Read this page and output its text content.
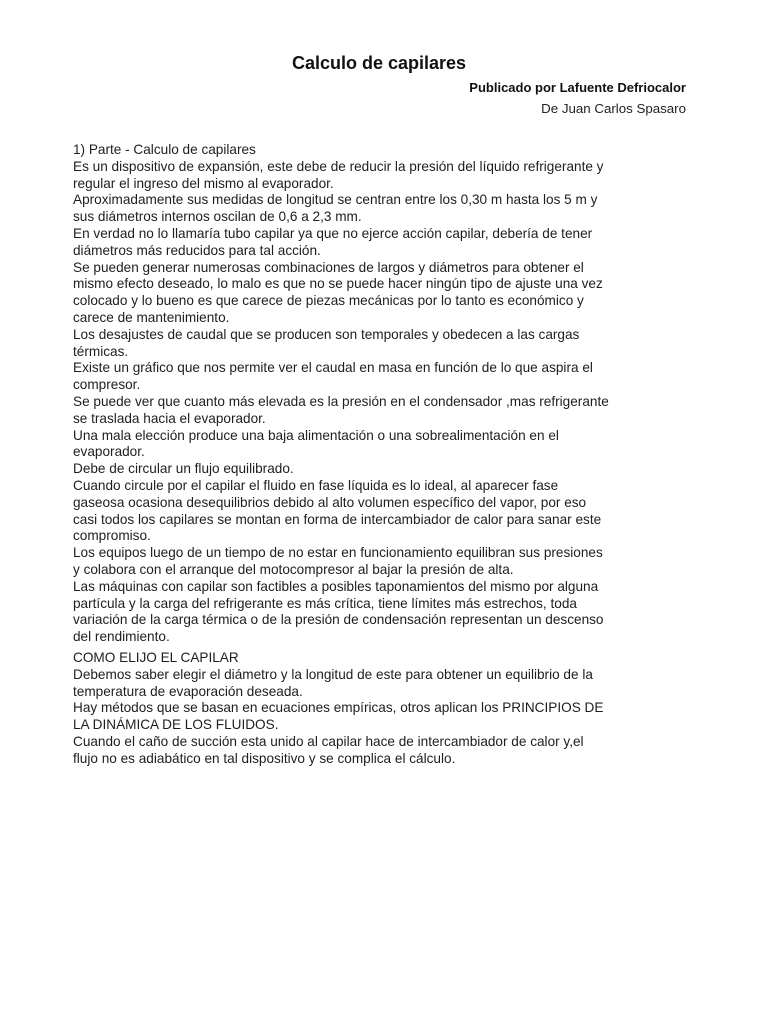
Calculo de capilares
Publicado por Lafuente Defriocalor
De Juan Carlos Spasaro
1) Parte - Calculo de capilares
Es un dispositivo de expansión, este debe de reducir la presión del líquido refrigerante y
regular el ingreso del mismo al evaporador.
Aproximadamente sus medidas de longitud se centran entre los 0,30 m hasta los 5 m y
sus diámetros internos oscilan de 0,6 a 2,3 mm.
En verdad no lo llamaría tubo capilar ya que no ejerce acción capilar, debería de tener
diámetros más reducidos para tal acción.
Se pueden generar numerosas combinaciones de largos y diámetros para obtener el
mismo efecto deseado, lo malo es que no se puede hacer ningún tipo de ajuste una vez
colocado y lo bueno es que carece de piezas mecánicas por lo tanto es económico y
carece de mantenimiento.
Los desajustes de caudal que se producen son temporales y obedecen a las cargas
térmicas.
Existe un gráfico que nos permite ver el caudal en masa en función de lo que aspira el
compresor.
Se puede ver que cuanto más elevada es la presión en el condensador ,mas refrigerante
se traslada hacia el evaporador.
Una mala elección produce una baja alimentación o una sobrealimentación en el
evaporador.
Debe de circular un flujo equilibrado.
Cuando circule por el capilar el fluido en fase líquida es lo ideal, al aparecer fase
gaseosa ocasiona desequilibrios debido al alto volumen específico del vapor, por eso
casi todos los capilares se montan en forma de intercambiador de calor para sanar este
compromiso.
Los equipos luego de un tiempo de no estar en funcionamiento equilibran sus presiones
y colabora con el arranque del motocompresor al bajar la presión de alta.
Las máquinas con capilar son factibles a posibles taponamientos del mismo por alguna
partícula y la carga del refrigerante es más crítica, tiene límites más estrechos, toda
variación de la carga térmica o de la presión de condensación representan un descenso
del rendimiento.
COMO ELIJO EL CAPILAR
Debemos saber elegir el diámetro y la longitud de este para obtener un equilibrio de la
temperatura de evaporación deseada.
Hay métodos que se basan en ecuaciones empíricas, otros aplican los PRINCIPIOS DE
LA DINÁMICA DE LOS FLUIDOS.
Cuando el caño de succión esta unido al capilar hace de intercambiador de calor y,el
flujo no es adiabático en tal dispositivo y se complica el cálculo.
